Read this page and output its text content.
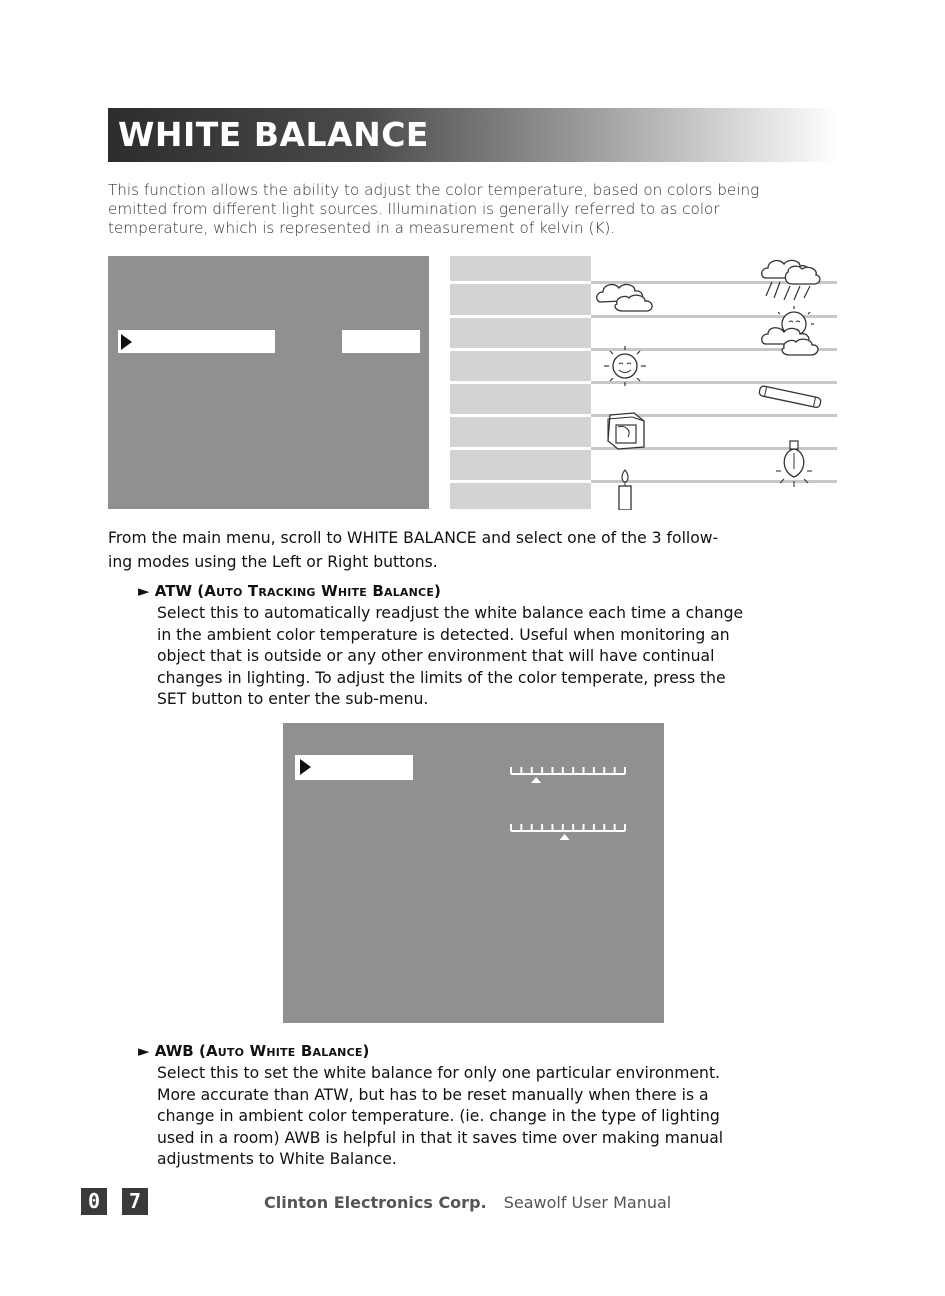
WHITE BALANCE

This function allows the ability to adjust the color temperature, based on colors being

emitted from different light sources. Illumination is generally referred to as color

temperature, which is represented in a measurement of kelvin (K).

From the main menu, scroll to WHITE BALANCE and select one of the 3 follow-

ing modes using the Left or Right buttons.

► ATW (Auto Tracking White Balance)
Select this to automatically readjust the white balance each time a change
in the ambient color temperature is detected. Useful when monitoring an
object that is outside or any other environment that will have continual
changes in lighting. To adjust the limits of the color temperate, press the
SET button to enter the sub-menu.
► AWB (Auto White Balance)
Select this to set the white balance for only one particular environment.
More accurate than ATW, but has to be reset manually when there is a
change in ambient color temperature. (ie. change in the type of lighting
used in a room) AWB is helpful in that it saves time over making manual
adjustments to White Balance.
0	7	Clinton Electronics Corp. Seawolf User Manual
